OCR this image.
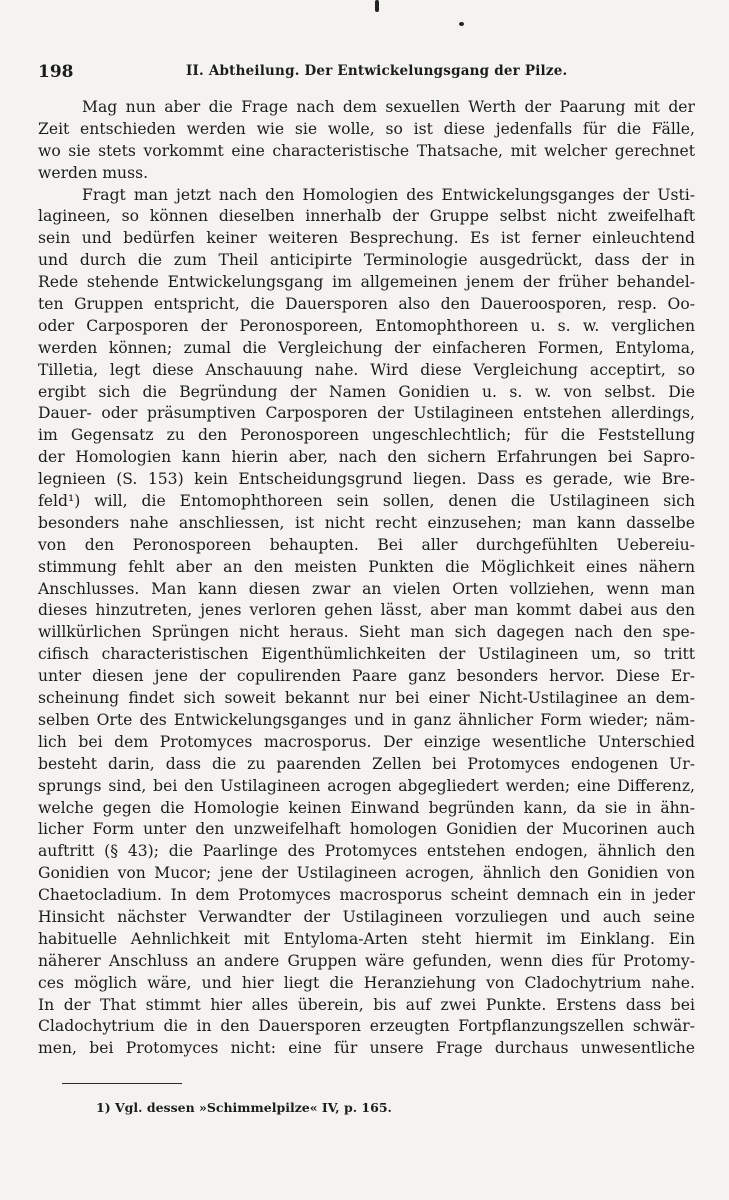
198	II. Abtheilung. Der Entwickelungsgang der Pilze.
Mag nun aber die Frage nach dem sexuellen Werth der Paarung mit der
Zeit entschieden werden wie sie wolle, so ist diese jedenfalls für die Fälle,
wo sie stets vorkommt eine characteristische Thatsache, mit welcher gerechnet
werden muss.
Fragt man jetzt nach den Homologien des Entwickelungsganges der Usti-
lagineen, so können dieselben innerhalb der Gruppe selbst nicht zweifelhaft
sein und bedürfen keiner weiteren Besprechung. Es ist ferner einleuchtend
und durch die zum Theil anticipirte Terminologie ausgedrückt, dass der in
Rede stehende Entwickelungsgang im allgemeinen jenem der früher behandel-
ten Gruppen entspricht, die Dauersporen also den Daueroosporen, resp. Oo-
oder Carposporen der Peronosporeen, Entomophthoreen u. s. w. verglichen
werden können; zumal die Vergleichung der einfacheren Formen, Entyloma,
Tilletia, legt diese Anschauung nahe. Wird diese Vergleichung acceptirt, so
ergibt sich die Begründung der Namen Gonidien u. s. w. von selbst. Die
Dauer- oder präsumptiven Carposporen der Ustilagineen entstehen allerdings,
im Gegensatz zu den Peronosporeen ungeschlechtlich; für die Feststellung
der Homologien kann hierin aber, nach den sichern Erfahrungen bei Sapro-
legnieen (S. 153) kein Entscheidungsgrund liegen. Dass es gerade, wie Bre-
feld¹) will, die Entomophthoreen sein sollen, denen die Ustilagineen sich
besonders nahe anschliessen, ist nicht recht einzusehen; man kann dasselbe
von den Peronosporeen behaupten. Bei aller durchgefühlten Uebereiu-
stimmung fehlt aber an den meisten Punkten die Möglichkeit eines nähern
Anschlusses. Man kann diesen zwar an vielen Orten vollziehen, wenn man
dieses hinzutreten, jenes verloren gehen lässt, aber man kommt dabei aus den
willkürlichen Sprüngen nicht heraus. Sieht man sich dagegen nach den spe-
cifisch characteristischen Eigenthümlichkeiten der Ustilagineen um, so tritt
unter diesen jene der copulirenden Paare ganz besonders hervor. Diese Er-
scheinung findet sich soweit bekannt nur bei einer Nicht-Ustilaginee an dem-
selben Orte des Entwickelungsganges und in ganz ähnlicher Form wieder; näm-
lich bei dem Protomyces macrosporus. Der einzige wesentliche Unterschied
besteht darin, dass die zu paarenden Zellen bei Protomyces endogenen Ur-
sprungs sind, bei den Ustilagineen acrogen abgegliedert werden; eine Differenz,
welche gegen die Homologie keinen Einwand begründen kann, da sie in ähn-
licher Form unter den unzweifelhaft homologen Gonidien der Mucorinen auch
auftritt (§ 43); die Paarlinge des Protomyces entstehen endogen, ähnlich den
Gonidien von Mucor; jene der Ustilagineen acrogen, ähnlich den Gonidien von
Chaetocladium. In dem Protomyces macrosporus scheint demnach ein in jeder
Hinsicht nächster Verwandter der Ustilagineen vorzuliegen und auch seine
habituelle Aehnlichkeit mit Entyloma-Arten steht hiermit im Einklang. Ein
näherer Anschluss an andere Gruppen wäre gefunden, wenn dies für Protomy-
ces möglich wäre, und hier liegt die Heranziehung von Cladochytrium nahe.
In der That stimmt hier alles überein, bis auf zwei Punkte. Erstens dass bei
Cladochytrium die in den Dauersporen erzeugten Fortpflanzungszellen schwär-
men, bei Protomyces nicht: eine für unsere Frage durchaus unwesentliche
1) Vgl. dessen »Schimmelpilze« IV, p. 165.
